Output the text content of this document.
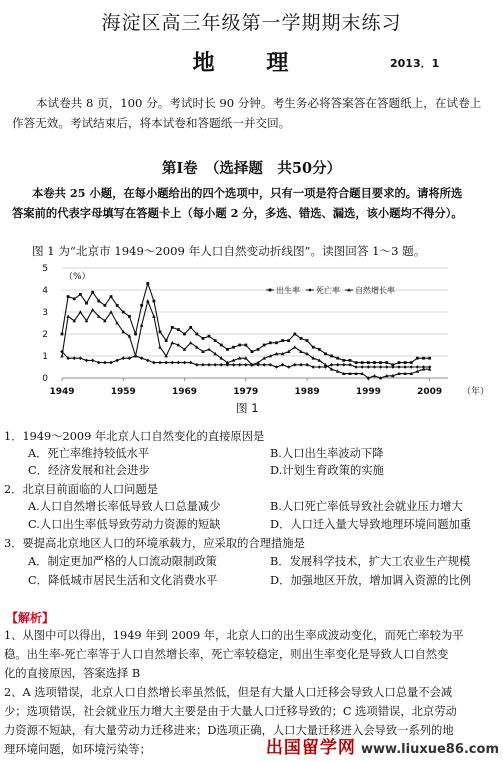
海淀区高三年级第一学期期末练习
地 理	2013．1
本试卷共 8 页，100 分。考试时长 90 分钟。考生务必将答案答在答题纸上，在试卷上
作答无效。考试结束后，将本试卷和答题纸一并交回。
第Ⅰ卷　（选择题　共50分）
本卷共 25 小题，在每小题给出的四个选项中，只有一项是符合题目要求的。请将所选
答案前的代表字母填写在答题卡上（每小题 2 分，多选、错选、漏选，该小题均不得分）。
图 1 为“北京市 1949～2009 年人口自然变动折线图”。读图回答 1～3 题。
0
1
2
3
4
5
1949	1959	1969	1979	1989	1999	2009
（%）
（年）
出生率 死亡率 自然增长率
图 1
1．1949～2009 年北京人口自然变化的直接原因是
A．死亡率维持较低水平	B.人口出生率波动下降
C．经济发展和社会进步	D.计划生育政策的实施
2．北京目前面临的人口问题是
A.人口自然增长率低导致人口总量减少	B.人口死亡率低导致社会就业压力增大
C.人口出生率低导致劳动力资源的短缺	D．人口迁入量大导致地理环境问题加重
3．要提高北京地区人口的环境承载力，应采取的合理措施是
A．制定更加严格的人口流动限制政策	B．发展科学技术，扩大工农业生产规模
C．降低城市居民生活和文化消费水平	D．加强地区开放，增加调入资源的比例
【解析】
1、从图中可以得出，1949 年到 2009 年，北京人口的出生率成波动变化，而死亡率较为平
稳。出生率-死亡率等于人口自然增长率，死亡率较稳定，则出生率变化是导致人口自然变
化的直接原因，答案选择 B
2、A 选项错误，北京人口自然增长率虽然低，但是有大量人口迁移会导致人口总量不会减
少；选项错误，社会就业压力增大主要是由于大量人口迁移导致的；C 选项错误，北京劳动
力资源不短缺，有大量劳动力迁移进来；D选项正确，人口大量迁移进入会导致一系列的地
理环境问题，如环境污染等；	出国留学网 www.liuxue86.com
